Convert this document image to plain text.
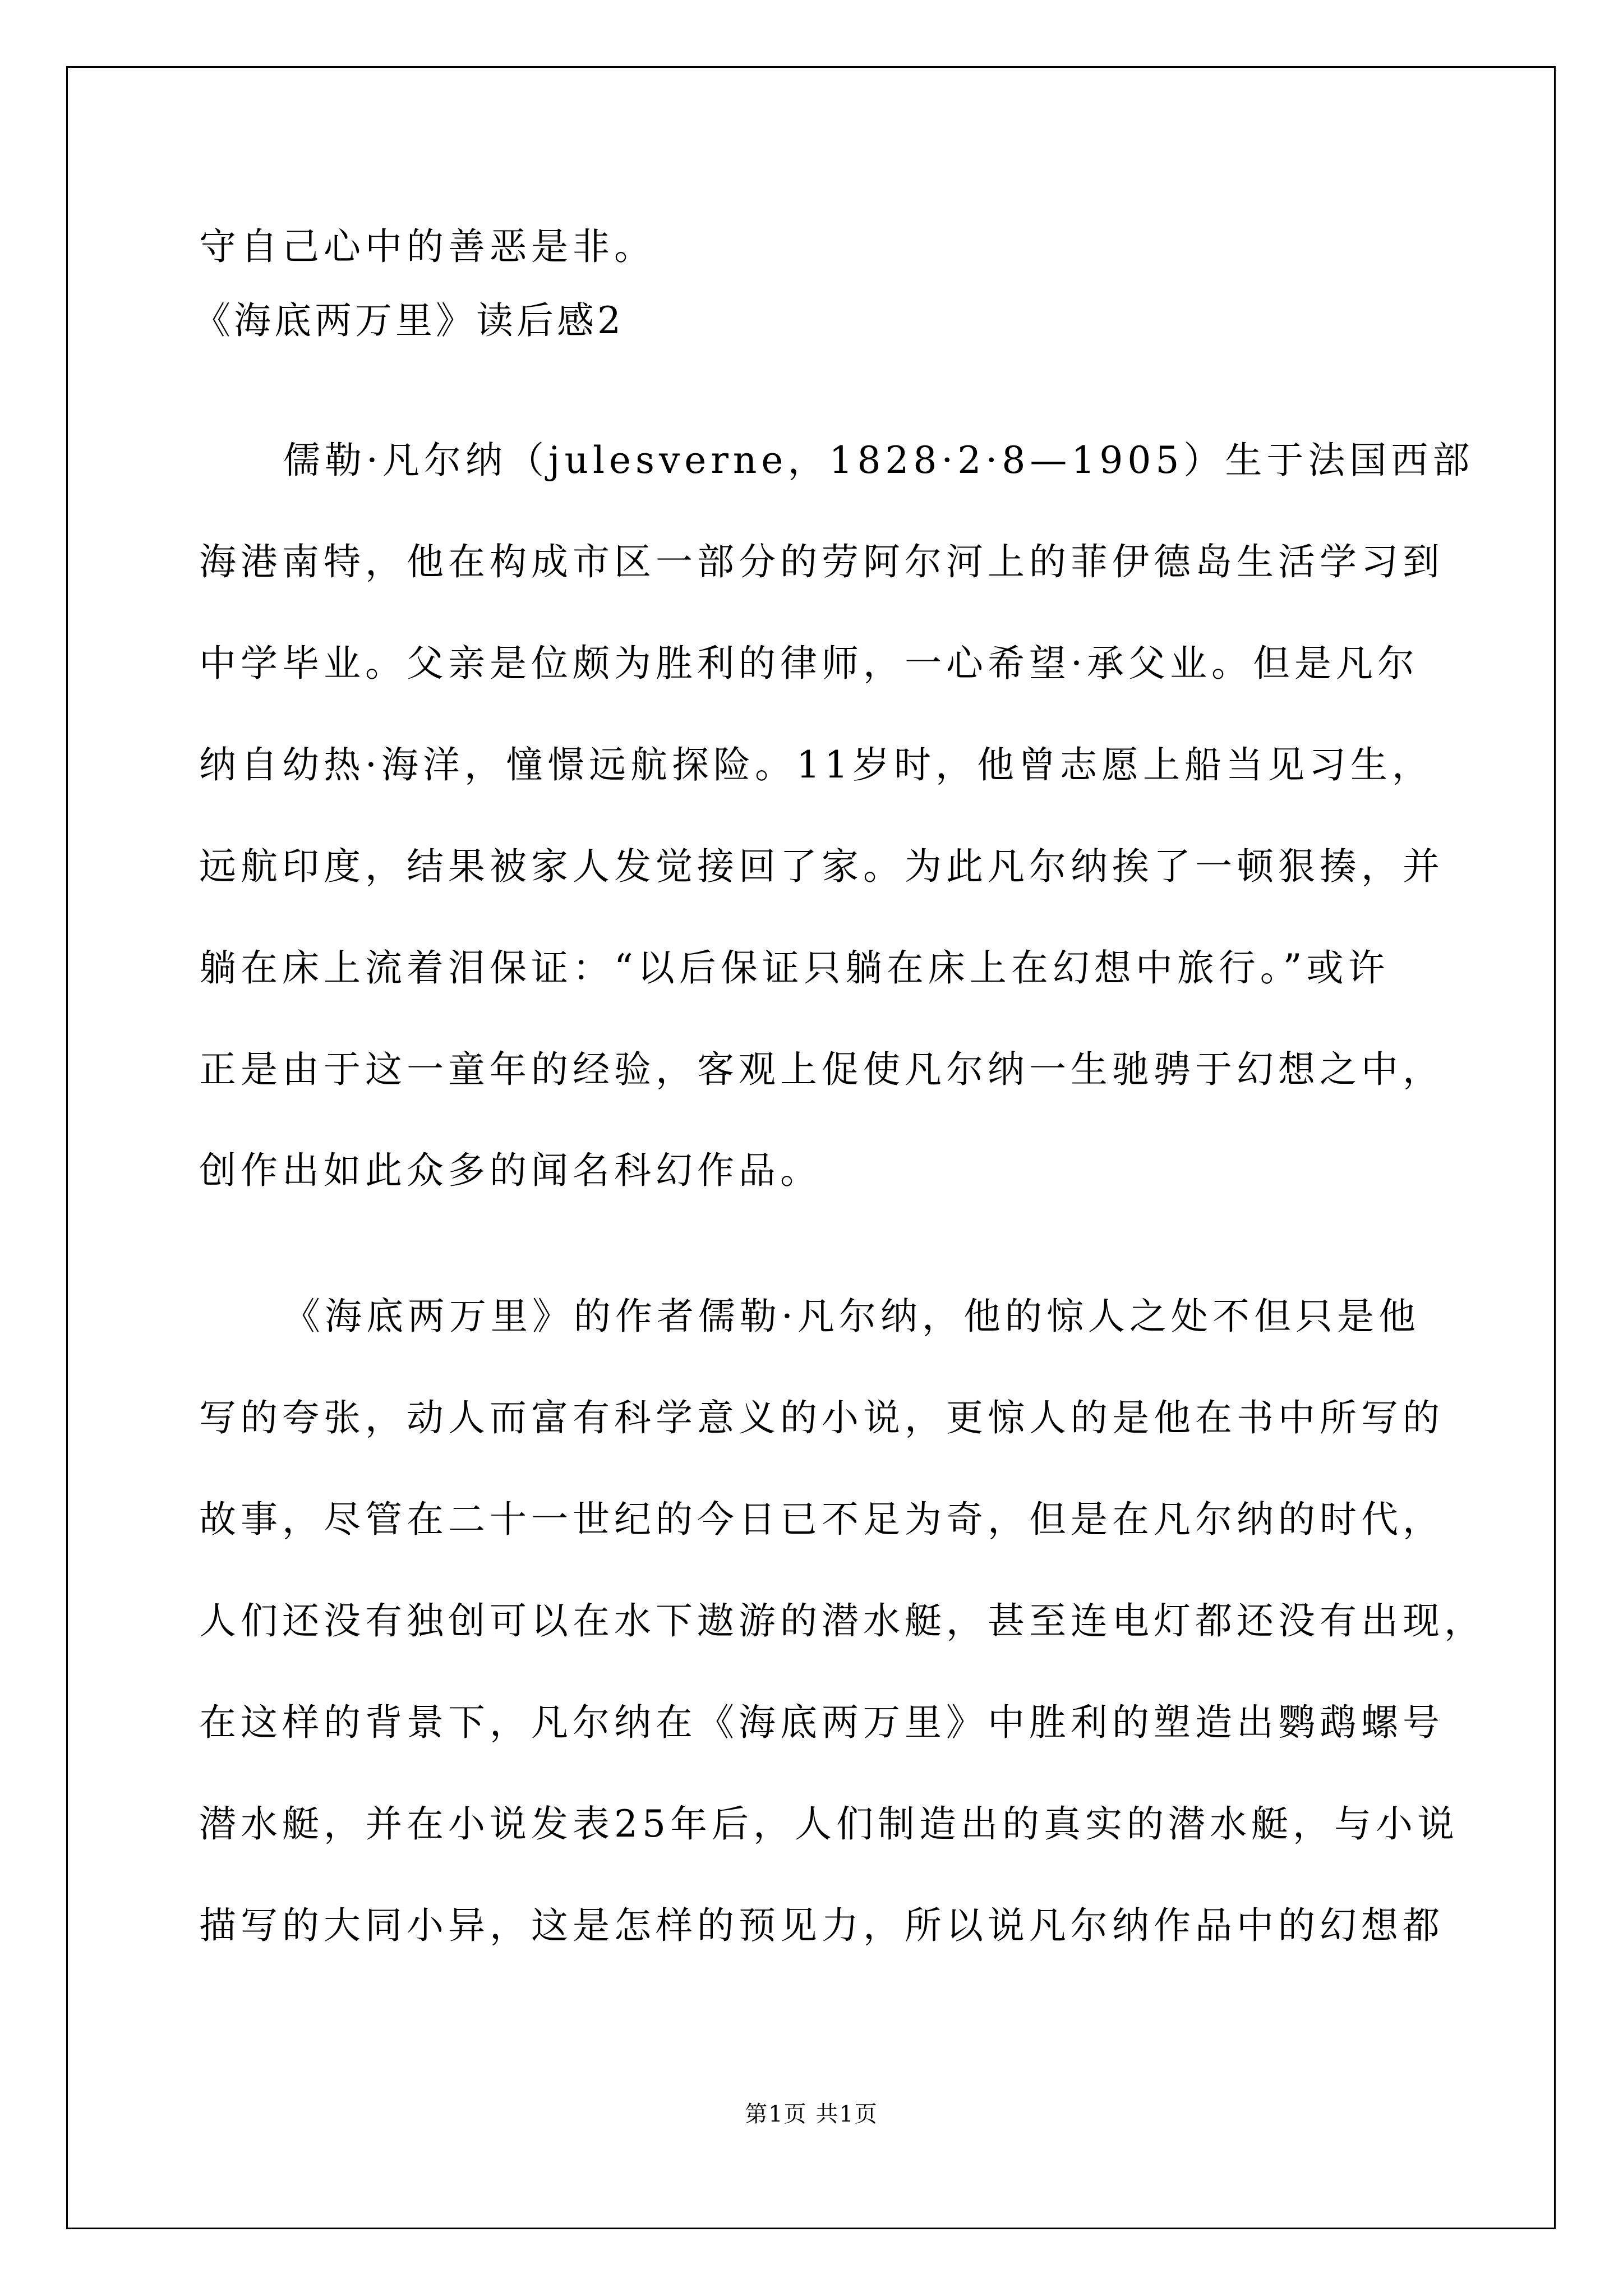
守自己心中的善恶是非。
《海底两万里》读后感2
儒勒·凡尔纳（julesverne，1828·2·8—1905）生于法国西部
海港南特，他在构成市区一部分的劳阿尔河上的菲伊德岛生活学习到
中学毕业。父亲是位颇为胜利的律师，一心希望·承父业。但是凡尔
纳自幼热·海洋，憧憬远航探险。11岁时，他曾志愿上船当见习生，
远航印度，结果被家人发觉接回了家。为此凡尔纳挨了一顿狠揍，并
躺在床上流着泪保证：“以后保证只躺在床上在幻想中旅行。”或许
正是由于这一童年的经验，客观上促使凡尔纳一生驰骋于幻想之中，
创作出如此众多的闻名科幻作品。
《海底两万里》的作者儒勒·凡尔纳，他的惊人之处不但只是他
写的夸张，动人而富有科学意义的小说，更惊人的是他在书中所写的
故事，尽管在二十一世纪的今日已不足为奇，但是在凡尔纳的时代，
人们还没有独创可以在水下遨游的潜水艇，甚至连电灯都还没有出现，
在这样的背景下，凡尔纳在《海底两万里》中胜利的塑造出鹦鹉螺号
潜水艇，并在小说发表25年后，人们制造出的真实的潜水艇，与小说
描写的大同小异，这是怎样的预见力，所以说凡尔纳作品中的幻想都
第1页 共1页
